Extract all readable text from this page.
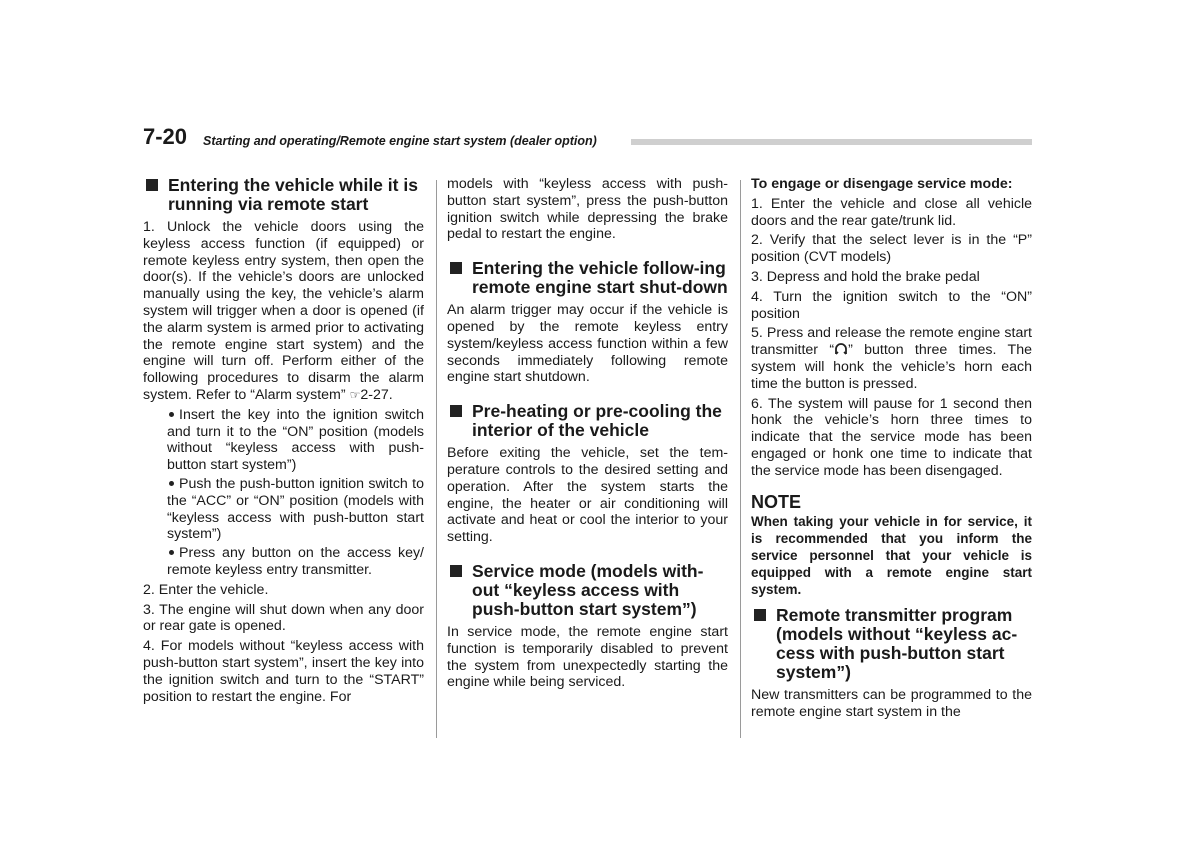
7-20 Starting and operating/Remote engine start system (dealer option)
Entering the vehicle while it is running via remote start

1. Unlock the vehicle doors using the keyless access function (if equipped) or remote keyless entry system, then open the door(s). If the vehicle’s doors are unlocked manually using the key, the vehicle’s alarm system will trigger when a door is opened (if the alarm system is armed prior to activating the remote engine start system) and the engine will turn off. Perform either of the following procedures to disarm the alarm system. Refer to “Alarm system” ☞2-27.

Insert the key into the ignition switch and turn it to the “ON” position (models without “keyless access with push-button start system”)

Push the push-button ignition switch to the “ACC” or “ON” position (models with “keyless access with push-button start system”)

Press any button on the access key/ remote keyless entry transmitter.

2. Enter the vehicle.

3. The engine will shut down when any door or rear gate is opened.

4. For models without “keyless access with push-button start system”, insert the key into the ignition switch and turn to the “START” position to restart the engine. For

models with “keyless access with push-button start system”, press the push-button ignition switch while depressing the brake pedal to restart the engine.

Entering the vehicle follow-ing remote engine start shut-down

An alarm trigger may occur if the vehicle is opened by the remote keyless entry system/keyless access function within a few seconds immediately following remote engine start shutdown.

Pre-heating or pre-cooling the interior of the vehicle

Before exiting the vehicle, set the tem-perature controls to the desired setting and operation. After the system starts the engine, the heater or air conditioning will activate and heat or cool the interior to your setting.

Service mode (models with-out “keyless access with push-button start system”)

In service mode, the remote engine start function is temporarily disabled to prevent the system from unexpectedly starting the engine while being serviced.

To engage or disengage service mode:

1. Enter the vehicle and close all vehicle doors and the rear gate/trunk lid.

2. Verify that the select lever is in the “P” position (CVT models)

3. Depress and hold the brake pedal

4. Turn the ignition switch to the “ON” position

5. Press and release the remote engine start transmitter “ ” button three times. The system will honk the vehicle’s horn each time the button is pressed.

6. The system will pause for 1 second then honk the vehicle’s horn three times to indicate that the service mode has been engaged or honk one time to indicate that the service mode has been disengaged.

NOTE

When taking your vehicle in for service, it is recommended that you inform the service personnel that your vehicle is equipped with a remote engine start system.

Remote transmitter program (models without “keyless ac-cess with push-button start system”)

New transmitters can be programmed to the remote engine start system in the
